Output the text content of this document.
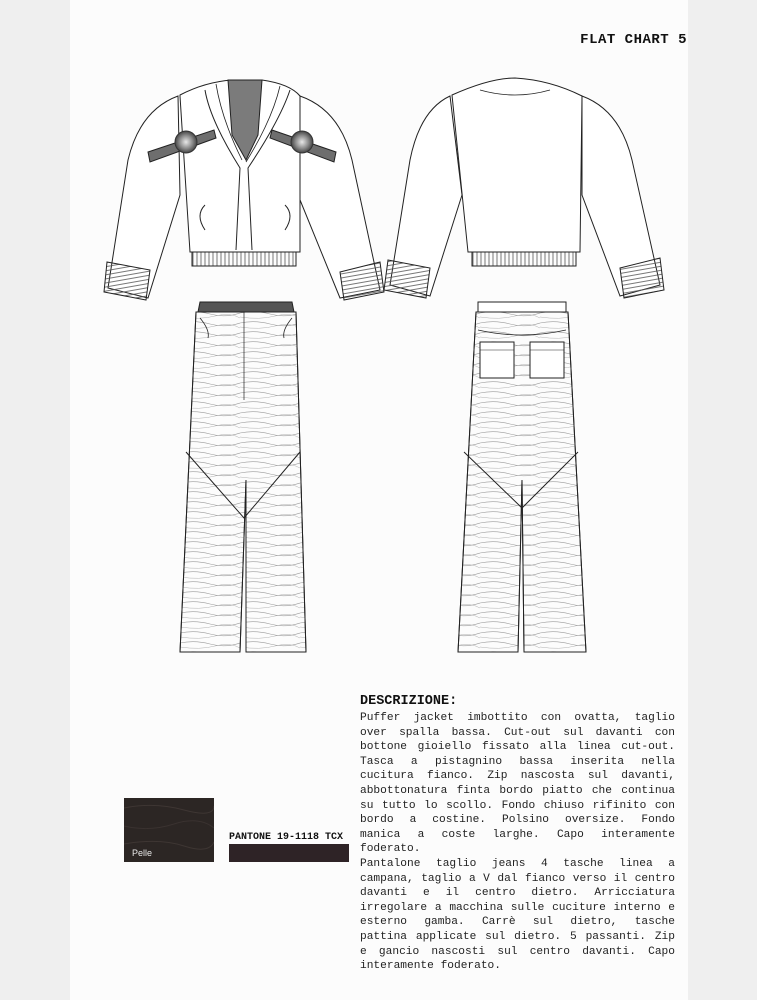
FLAT CHART 5
DESCRIZIONE:

Puffer jacket imbottito con ovatta, taglio over spalla bassa. Cut-out sul davanti con bottone gioiello fissato alla linea cut-out. Tasca a pistagnino bassa inserita nella cucitura fianco. Zip nascosta sul davanti, abbottonatura finta bordo piatto che continua su tutto lo scollo. Fondo chiuso rifinito con bordo a costine. Polsino oversize. Fondo manica a coste larghe. Capo interamente foderato.

Pantalone taglio jeans 4 tasche linea a campana, taglio a V dal fianco verso il centro davanti e il centro dietro. Arricciatura irregolare a macchina sulle cuciture interno e esterno gamba. Carrè sul dietro, tasche pattina applicate sul dietro. 5 passanti. Zip e gancio nascosti sul centro davanti. Capo interamente foderato.

Pelle
PANTONE 19-1118 TCX
